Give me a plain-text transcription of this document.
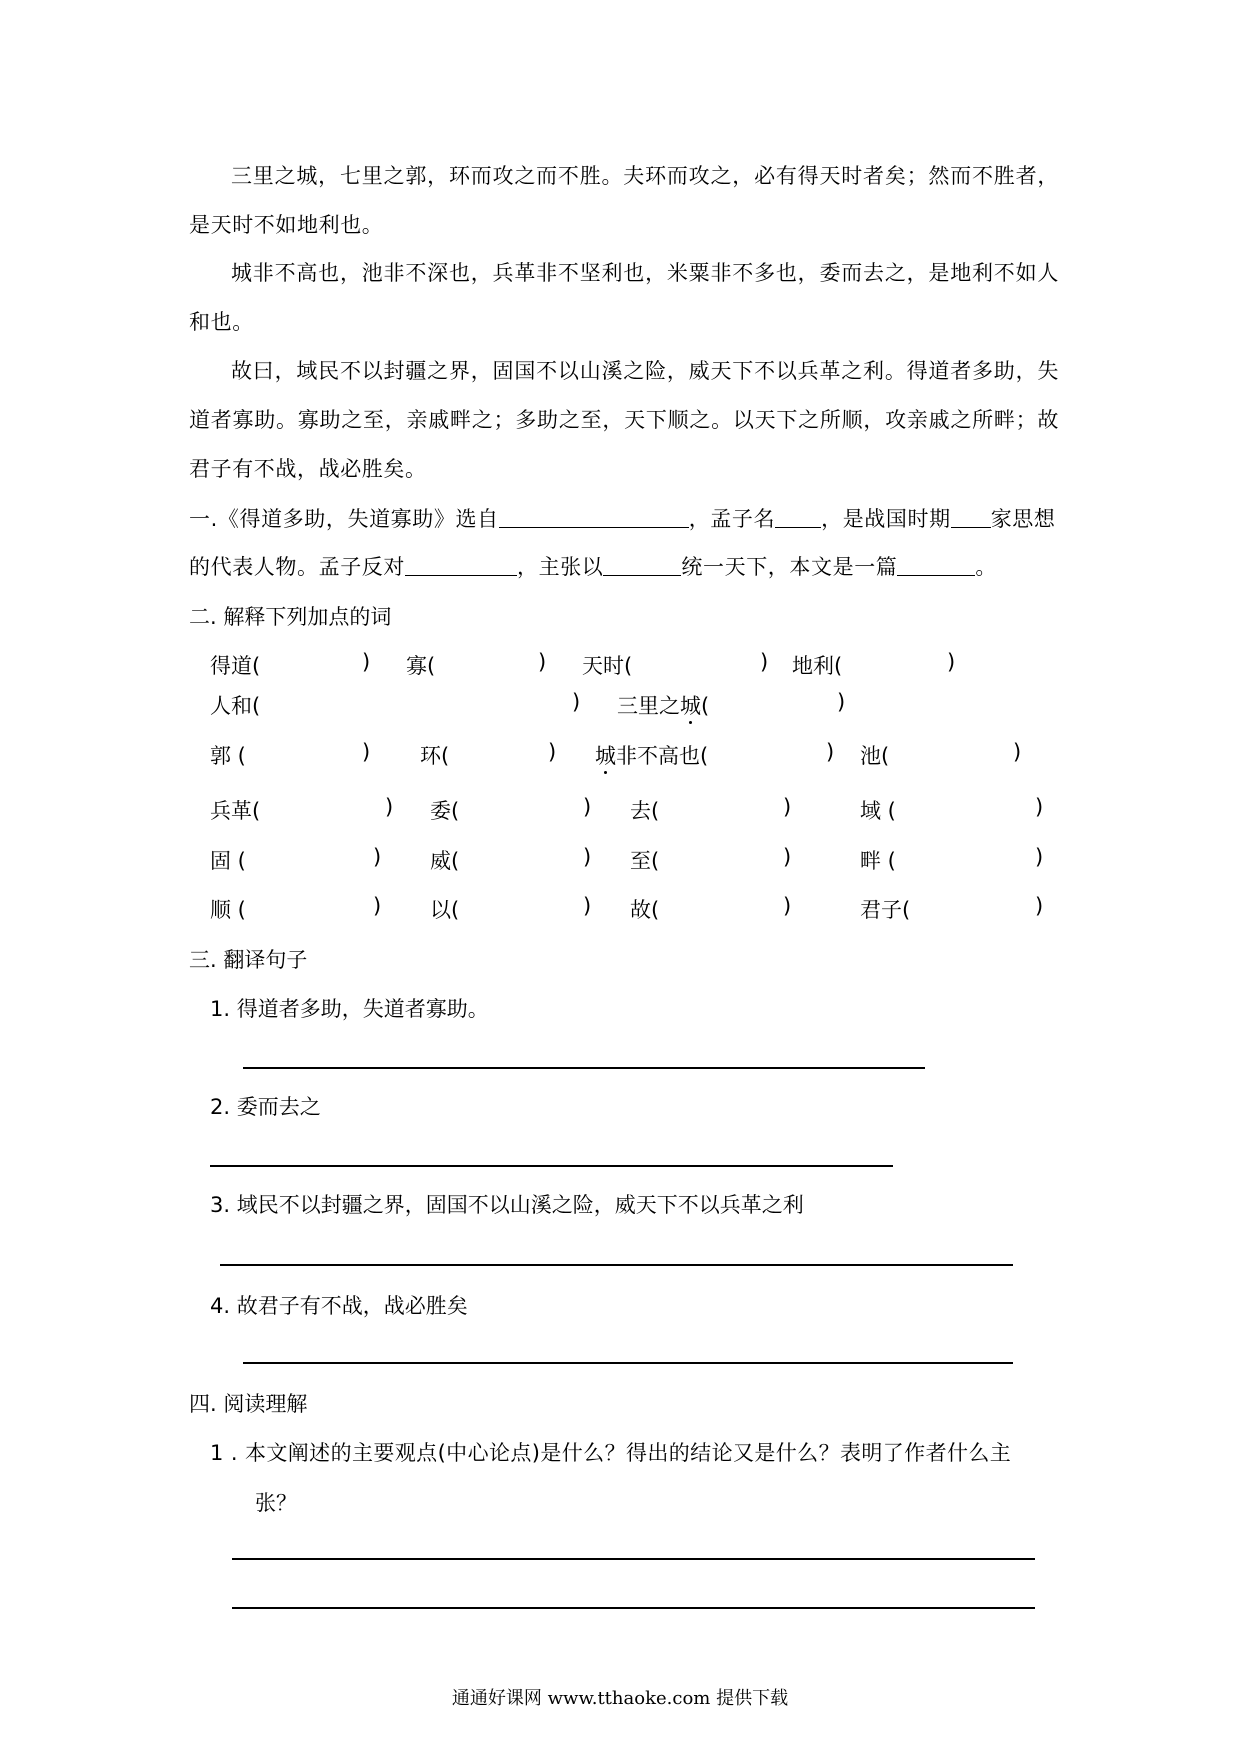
三里之城，七里之郭，环而攻之而不胜。夫环而攻之，必有得天时者矣；然而不胜者，是天时不如地利也。
城非不高也，池非不深也，兵革非不坚利也，米粟非不多也，委而去之，是地利不如人和也。
故曰，域民不以封疆之界，固国不以山溪之险，威天下不以兵革之利。得道者多助，失道者寡助。寡助之至，亲戚畔之；多助之至，天下顺之。以天下之所顺，攻亲戚之所畔；故君子有不战，战必胜矣。
一.《得道多助，失道寡助》选自	，孟子名 ，是战国时期 家思想
的代表人物。孟子反对	，主张以	统一天下，本文是一篇	。
二. 解释下列加点的词
得道(	) 寡(	) 天时(	) 地利(	)
人和(	) 三里之城(	)
郭 (	) 环(	) 城非不高也(	) 池(	)
兵革(	) 委(	) 去(	)	域 (	)
固 (	) 威(	) 至(	)	畔 (	)
顺 (	) 以(	) 故(	)	君子(	)
三. 翻译句子
1. 得道者多助，失道者寡助。
2. 委而去之
3. 域民不以封疆之界，固国不以山溪之险，威天下不以兵革之利
4. 故君子有不战，战必胜矣
四. 阅读理解
1 . 本文阐述的主要观点(中心论点)是什么？得出的结论又是什么？表明了作者什么主
张？
通通好课网 www.tthaoke.com 提供下载
